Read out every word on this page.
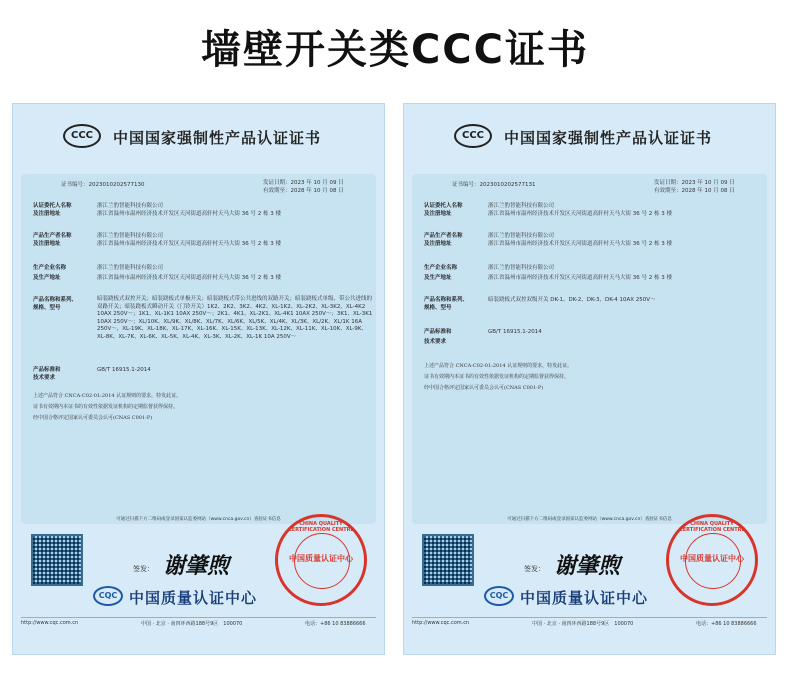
墙壁开关类CCC证书
CCC	中国国家强制性产品认证证书
证书编号：2023010202577130	发证日期：2023 年 10 月 09 日
有效期至：2028 年 10 月 08 日
认证委托人名称	浙江兰豹智能科技有限公司
及注册地址	浙江省温州市温州经济技术开发区天河街道高轩村天马大街 36 号 2 栋 3 楼
产品生产者名称	浙江兰豹智能科技有限公司
及注册地址	浙江省温州市温州经济技术开发区天河街道高轩村天马大街 36 号 2 栋 3 楼
生产企业名称	浙江兰豹智能科技有限公司
及生产地址	浙江省温州市温州经济技术开发区天河街道高轩村天马大街 36 号 2 栋 3 楼
产品名称和系列、	暗装跷板式双控开关；暗装跷板式单极开关；暗装跷板式带公共进线的双路开关；暗装跷板式单级、带公共进线的双路开关；暗装跷板式瞬动开关（门铃开关）1K2、2K2、3K2、4K2、XL-1K2、XL-2K2、XL-3K2、XL-4K2 10AX 250V～；1K1、XL-1K1 10AX 250V～；2K1、4K1、XL-2K1、XL-4K1 10AX 250V～；3K1、XL-3K1 10AX 250V～；XL/10K、XL/9K、XL/8K、XL/7K、XL/6K、XL/5K、XL/4K、XL/3K、XL/2K、XL/1K 16A 250V～，XL-19K、XL-18K、XL-17K、XL-16K、XL-15K、XL-13K、XL-12K、XL-11K、XL-10K、XL-9K、XL-8K、XL-7K、XL-6K、XL-5K、XL-4K、XL-3K、XL-2K、XL-1K 10A 250V～
规格、型号
产品标准和	GB/T 16915.1-2014
技术要求
上述产品符合 CNCA-C02-01:2014 认证规则的要求，特发此证。
证书有效期内本证书的有效性依据发证机构的定期监督获得保持。
经中国合格评定国家认可委员会认可(CNAS C001-P)
可通过扫描下方二维码或登录国家认监委网站（www.cnca.gov.cn）查验证书信息
签发： 谢肇煦
CHINA QUALITY CERTIFICATION CENTRE
中国质量认证中心
CQC 中国质量认证中心
http://www.cqc.com.cn	中国 · 北京 · 南四环西路188号9区　100070	电话：+86 10 83886666
CCC	中国国家强制性产品认证证书
证书编号：2023010202577131	发证日期：2023 年 10 月 09 日
有效期至：2028 年 10 月 08 日
认证委托人名称	浙江兰豹智能科技有限公司
及注册地址	浙江省温州市温州经济技术开发区天河街道高轩村天马大街 36 号 2 栋 3 楼
产品生产者名称	浙江兰豹智能科技有限公司
及注册地址	浙江省温州市温州经济技术开发区天河街道高轩村天马大街 36 号 2 栋 3 楼
生产企业名称	浙江兰豹智能科技有限公司
及生产地址	浙江省温州市温州经济技术开发区天河街道高轩村天马大街 36 号 2 栋 3 楼
产品名称和系列、	暗装跷板式双控双级开关 DK-1、DK-2、DK-3、DK-4 10AX 250V～
规格、型号
产品标准和	GB/T 16915.1-2014
技术要求
上述产品符合 CNCA-C02-01:2014 认证规则的要求，特发此证。
证书有效期内本证书的有效性依据发证机构的定期监督获得保持。
经中国合格评定国家认可委员会认可(CNAS C001-P)
可通过扫描下方二维码或登录国家认监委网站（www.cnca.gov.cn）查验证书信息
签发： 谢肇煦
CHINA QUALITY CERTIFICATION CENTRE
中国质量认证中心
CQC 中国质量认证中心
http://www.cqc.com.cn	中国 · 北京 · 南四环西路188号9区　100070	电话：+86 10 83886666
